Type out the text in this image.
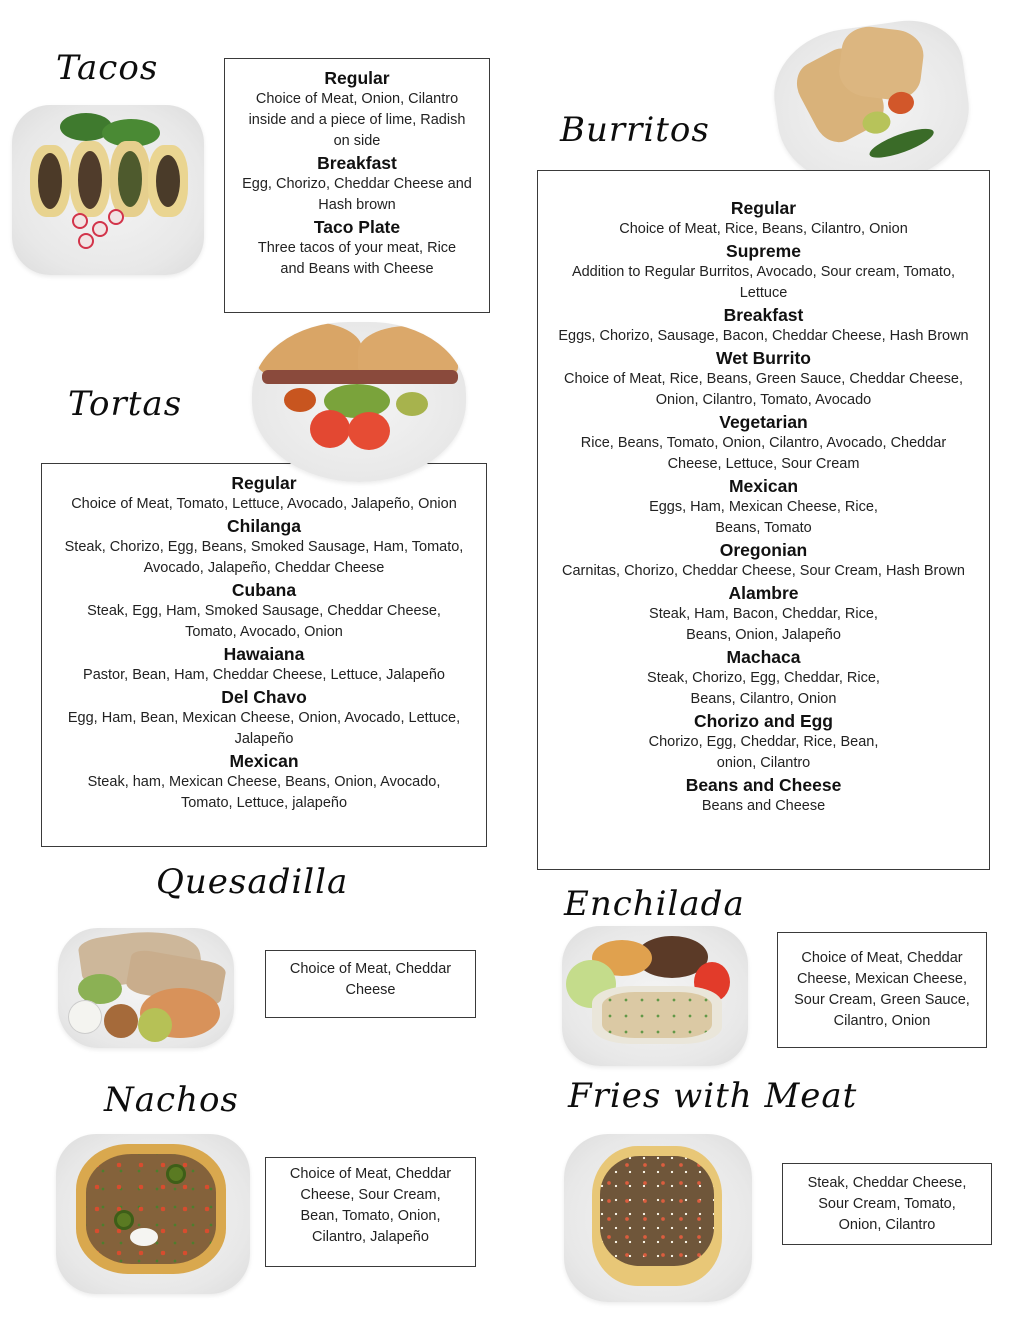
Tacos	Regular
Choice of Meat, Onion, Cilantro
inside and a piece of lime, Radish
on side
Breakfast
Egg, Chorizo, Cheddar Cheese and
Hash brown
Taco Plate
Three tacos of your meat, Rice
and Beans with Cheese
Burritos
Regular
Choice of Meat, Rice, Beans, Cilantro, Onion
Supreme
Addition to Regular Burritos, Avocado, Sour cream, Tomato,
Lettuce
Breakfast
Eggs, Chorizo, Sausage, Bacon, Cheddar Cheese, Hash Brown
Wet Burrito
Choice of Meat, Rice, Beans, Green Sauce, Cheddar Cheese,
Onion, Cilantro, Tomato, Avocado
Vegetarian
Rice, Beans, Tomato, Onion, Cilantro, Avocado, Cheddar
Cheese, Lettuce, Sour Cream
Mexican
Eggs, Ham, Mexican Cheese, Rice,
Beans, Tomato
Oregonian
Carnitas, Chorizo, Cheddar Cheese, Sour Cream, Hash Brown
Alambre
Steak, Ham, Bacon, Cheddar, Rice,
Beans, Onion, Jalapeño
Machaca
Steak, Chorizo, Egg, Cheddar, Rice,
Beans, Cilantro, Onion
Chorizo and Egg
Chorizo, Egg, Cheddar, Rice, Bean,
onion, Cilantro
Beans and Cheese
Beans and Cheese
Tortas
Regular
Choice of Meat, Tomato, Lettuce, Avocado, Jalapeño, Onion
Chilanga
Steak, Chorizo, Egg, Beans, Smoked Sausage, Ham, Tomato,
Avocado, Jalapeño, Cheddar Cheese
Cubana
Steak, Egg, Ham, Smoked Sausage, Cheddar Cheese,
Tomato, Avocado, Onion
Hawaiana
Pastor, Bean, Ham, Cheddar Cheese, Lettuce, Jalapeño
Del Chavo
Egg, Ham, Bean, Mexican Cheese, Onion, Avocado, Lettuce,
Jalapeño
Mexican
Steak, ham, Mexican Cheese, Beans, Onion, Avocado,
Tomato, Lettuce, jalapeño
Quesadilla
Choice of Meat, Cheddar
Cheese
Enchilada
Choice of Meat, Cheddar
Cheese, Mexican Cheese,
Sour Cream, Green Sauce,
Cilantro, Onion
Nachos
Choice of Meat, Cheddar
Cheese, Sour Cream,
Bean, Tomato, Onion,
Cilantro, Jalapeño
Fries with Meat
Steak, Cheddar Cheese,
Sour Cream, Tomato,
Onion, Cilantro
